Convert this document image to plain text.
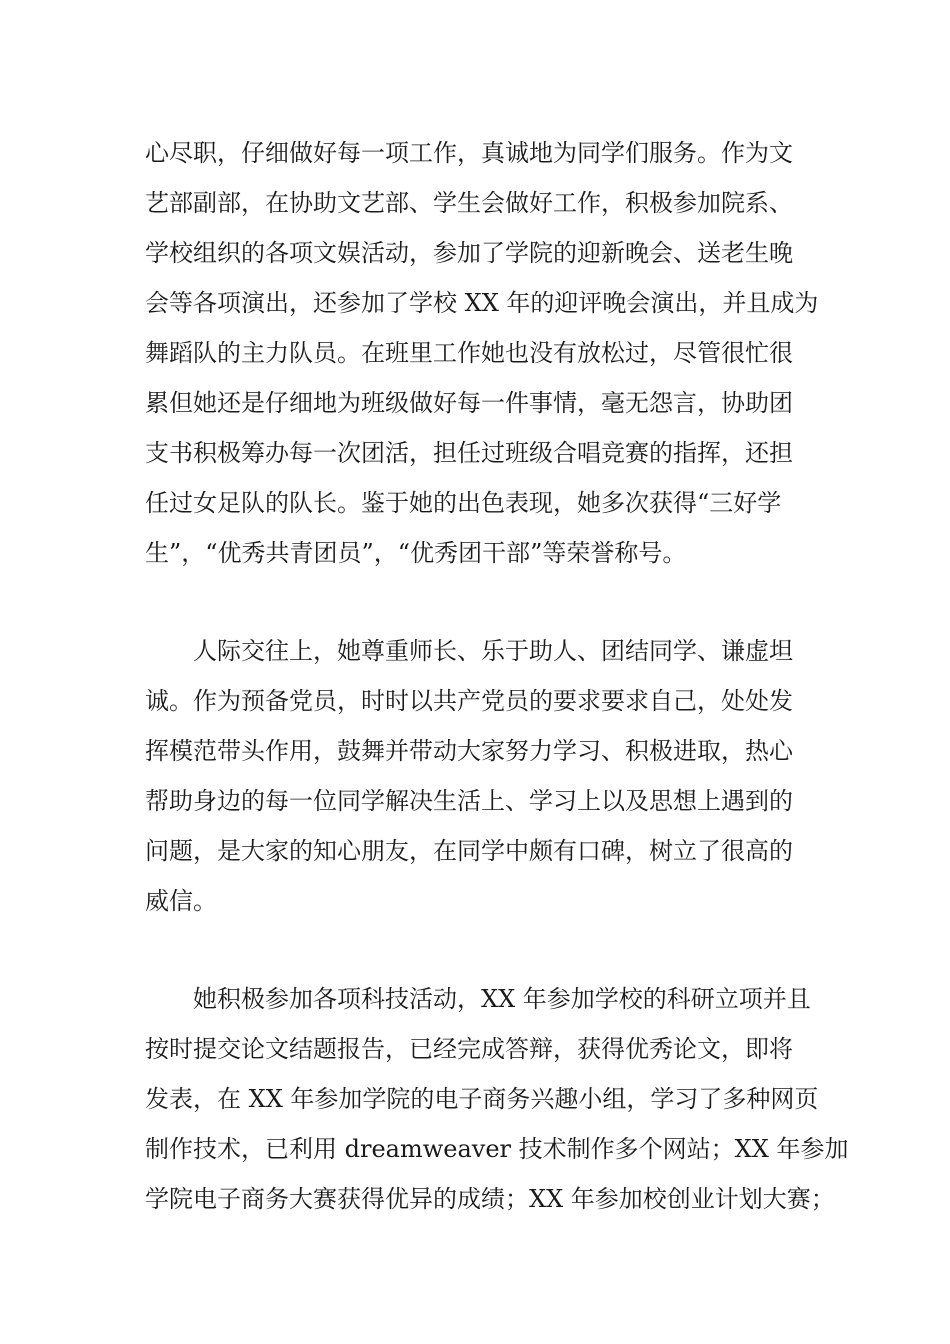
心尽职，仔细做好每一项工作，真诚地为同学们服务。作为文
艺部副部，在协助文艺部、学生会做好工作，积极参加院系、
学校组织的各项文娱活动，参加了学院的迎新晚会、送老生晚
会等各项演出，还参加了学校 XX 年的迎评晚会演出，并且成为
舞蹈队的主力队员。在班里工作她也没有放松过，尽管很忙很
累但她还是仔细地为班级做好每一件事情，毫无怨言，协助团
支书积极筹办每一次团活，担任过班级合唱竞赛的指挥，还担
任过女足队的队长。鉴于她的出色表现，她多次获得“三好学
生”，“优秀共青团员”，“优秀团干部”等荣誉称号。
　　人际交往上，她尊重师长、乐于助人、团结同学、谦虚坦
诚。作为预备党员，时时以共产党员的要求要求自己，处处发
挥模范带头作用，鼓舞并带动大家努力学习、积极进取，热心
帮助身边的每一位同学解决生活上、学习上以及思想上遇到的
问题，是大家的知心朋友，在同学中颇有口碑，树立了很高的
威信。
　　她积极参加各项科技活动，XX 年参加学校的科研立项并且
按时提交论文结题报告，已经完成答辩，获得优秀论文，即将
发表，在 XX 年参加学院的电子商务兴趣小组，学习了多种网页
制作技术，已利用 dreamweaver 技术制作多个网站；XX 年参加
学院电子商务大赛获得优异的成绩；XX 年参加校创业计划大赛；
